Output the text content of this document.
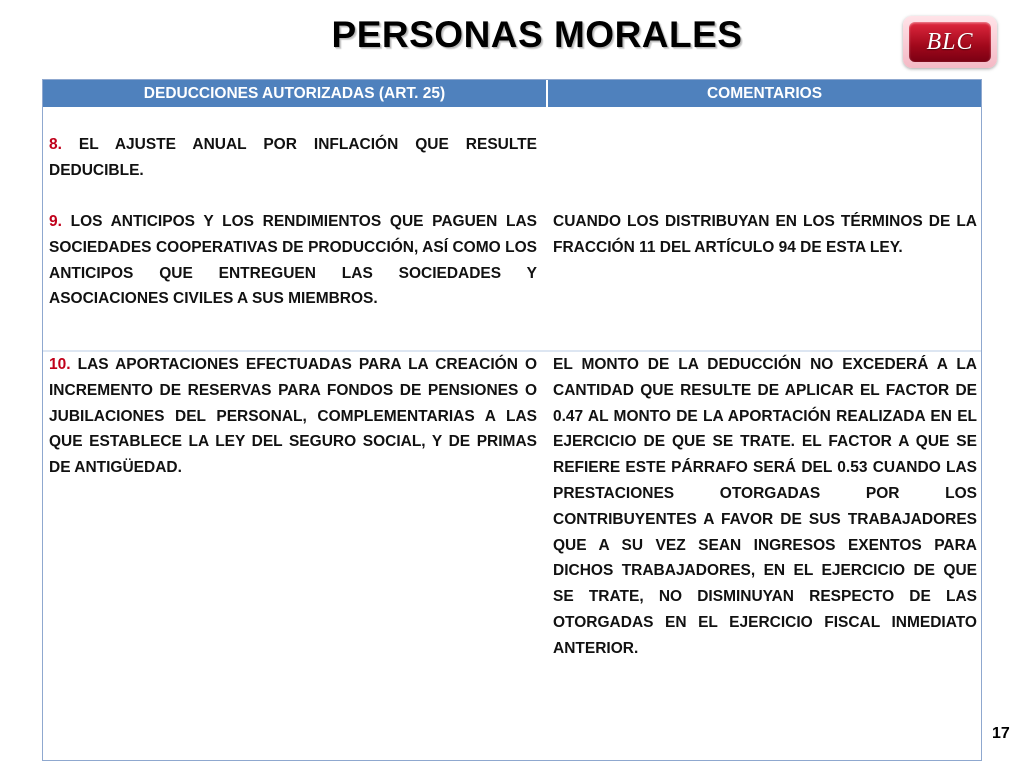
PERSONAS MORALES	BLC
DEDUCCIONES AUTORIZADAS (ART. 25)	COMENTARIOS
8. EL AJUSTE ANUAL POR INFLACIÓN QUE RESULTE DEDUCIBLE.
9. LOS ANTICIPOS Y LOS RENDIMIENTOS QUE PAGUEN LAS SOCIEDADES COOPERATIVAS DE PRODUCCIÓN, ASÍ COMO LOS ANTICIPOS QUE ENTREGUEN LAS SOCIEDADES Y ASOCIACIONES CIVILES A SUS MIEMBROS.
CUANDO LOS DISTRIBUYAN EN LOS TÉRMINOS DE LA FRACCIÓN 11 DEL ARTÍCULO 94 DE ESTA LEY.
10. LAS APORTACIONES EFECTUADAS PARA LA CREACIÓN O INCREMENTO DE RESERVAS PARA FONDOS DE PENSIONES O JUBILACIONES DEL PERSONAL, COMPLEMENTARIAS A LAS QUE ESTABLECE LA LEY DEL SEGURO SOCIAL, Y DE PRIMAS DE ANTIGÜEDAD.
EL MONTO DE LA DEDUCCIÓN NO EXCEDERÁ A LA CANTIDAD QUE RESULTE DE APLICAR EL FACTOR DE 0.47 AL MONTO DE LA APORTACIÓN REALIZADA EN EL EJERCICIO DE QUE SE TRATE. EL FACTOR A QUE SE REFIERE ESTE PÁRRAFO SERÁ DEL 0.53 CUANDO LAS PRESTACIONES OTORGADAS POR LOS CONTRIBUYENTES A FAVOR DE SUS TRABAJADORES QUE A SU VEZ SEAN INGRESOS EXENTOS PARA DICHOS TRABAJADORES, EN EL EJERCICIO DE QUE SE TRATE, NO DISMINUYAN RESPECTO DE LAS OTORGADAS EN EL EJERCICIO FISCAL INMEDIATO ANTERIOR.
17
